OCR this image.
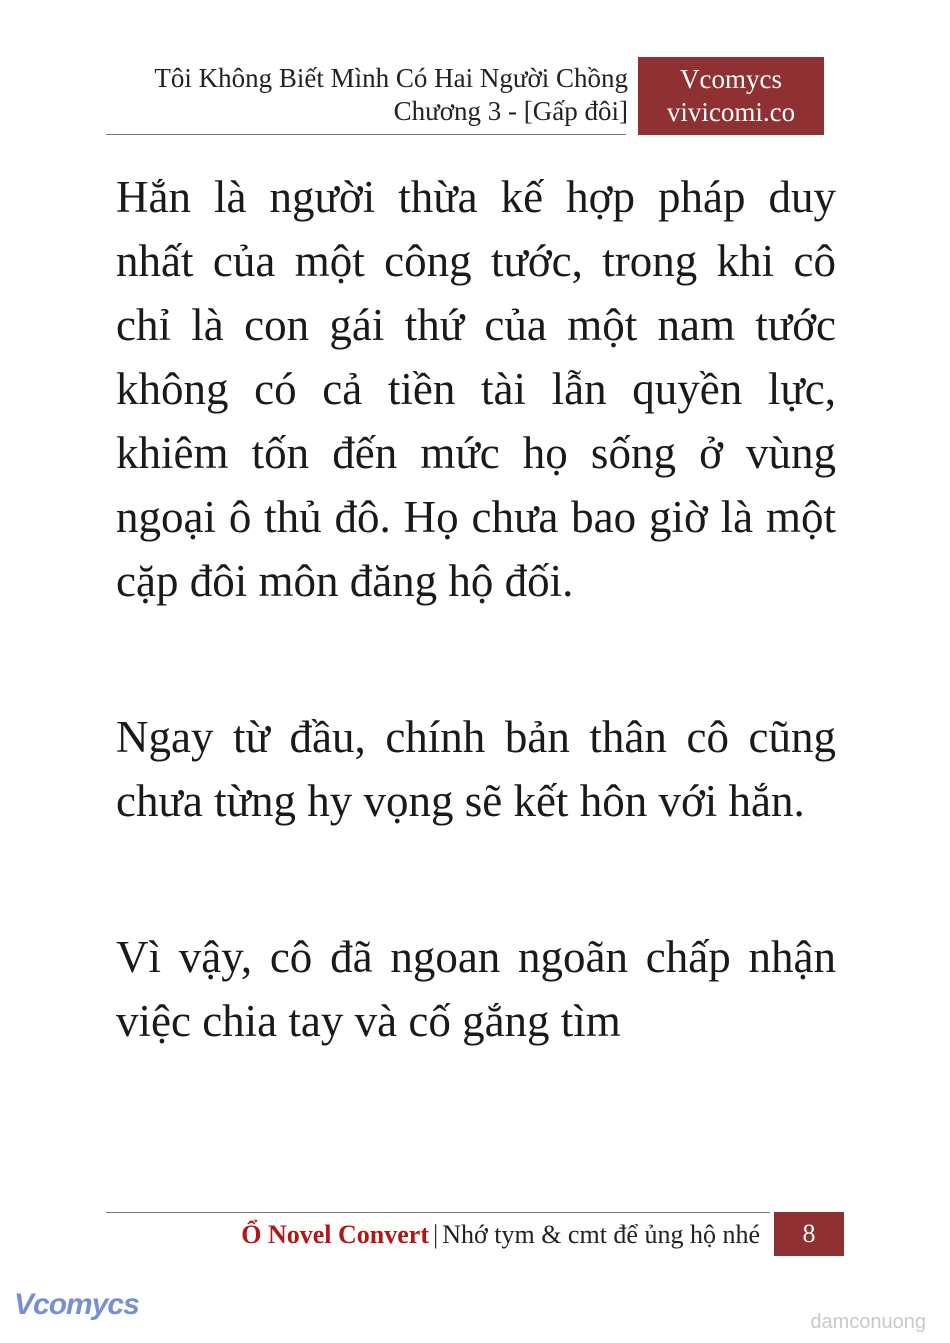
Tôi Không Biết Mình Có Hai Người Chồng
Chương 3 - [Gấp đôi]
Vcomycs
vivicomi.co

Hắn là người thừa kế hợp pháp duy nhất của một công tước, trong khi cô chỉ là con gái thứ của một nam tước không có cả tiền tài lẫn quyền lực, khiêm tốn đến mức họ sống ở vùng ngoại ô thủ đô. Họ chưa bao giờ là một cặp đôi môn đăng hộ đối.

Ngay từ đầu, chính bản thân cô cũng chưa từng hy vọng sẽ kết hôn với hắn.

Vì vậy, cô đã ngoan ngoãn chấp nhận việc chia tay và cố gắng tìm

Ổ Novel Convert | Nhớ tym & cmt để ủng hộ nhé	8
Vcomycs
damconuong
